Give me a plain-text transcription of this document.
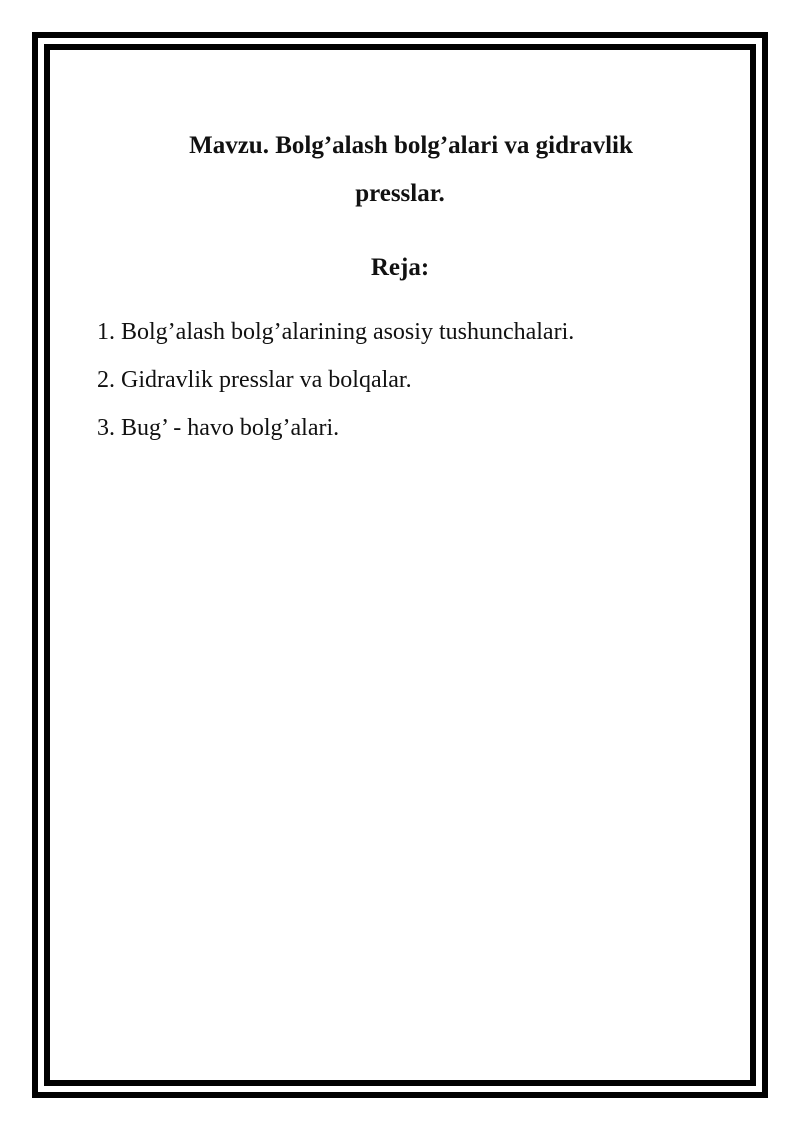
Mavzu. Bolg’alash bolg’alari va gidravlik
presslar.
Reja:
1. Bolg’alash bolg’alarining asosiy tushunchalari.
2. Gidravlik presslar va bolqalar.
3. Bug’ - havo bolg’alari.
